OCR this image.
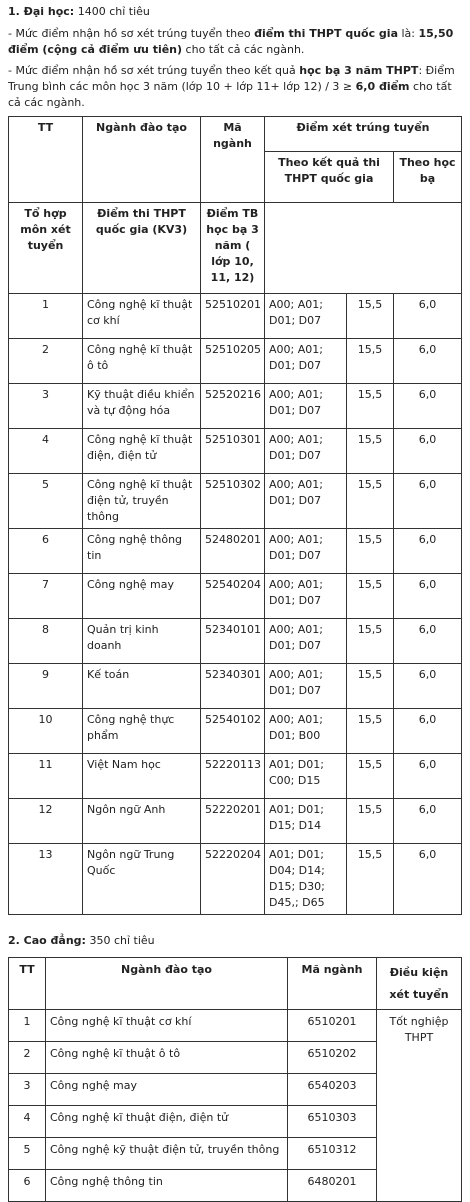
1. Đại học: 1400 chỉ tiêu

- Mức điểm nhận hồ sơ xét trúng tuyển theo điểm thi THPT quốc gia là: 15,50 điểm (cộng cả điểm ưu tiên) cho tất cả các ngành.

- Mức điểm nhận hồ sơ xét trúng tuyển theo kết quả học bạ 3 năm THPT: Điểm Trung bình các môn học 3 năm (lớp 10 + lớp 11+ lớp 12) / 3 ≥ 6,0 điểm cho tất cả các ngành.

TT	Ngành đào tạo	Mã ngành	Điểm xét trúng tuyển		
			Theo kết quả thi THPT quốc gia		Theo học bạ
Tổ hợp môn xét tuyển	Điểm thi THPT quốc gia (KV3)	Điểm TB học bạ 3 năm ( lớp 10, 11, 12)			
1	Công nghệ kĩ thuật cơ khí	52510201	A00; A01; D01; D07	15,5	6,0
2	Công nghệ kĩ thuật ô tô	52510205	A00; A01; D01; D07	15,5	6,0
3	Kỹ thuật điều khiển và tự động hóa	52520216	A00; A01; D01; D07	15,5	6,0
4	Công nghệ kĩ thuật điện, điện tử	52510301	A00; A01; D01; D07	15,5	6,0
5	Công nghệ kĩ thuật điện tử, truyền thông	52510302	A00; A01; D01; D07	15,5	6,0
6	Công nghệ thông tin	52480201	A00; A01; D01; D07	15,5	6,0
7	Công nghệ may	52540204	A00; A01; D01; D07	15,5	6,0
8	Quản trị kinh doanh	52340101	A00; A01; D01; D07	15,5	6,0
9	Kế toán	52340301	A00; A01; D01; D07	15,5	6,0
10	Công nghệ thực phẩm	52540102	A00; A01; D01; B00	15,5	6,0
11	Việt Nam học	52220113	A01; D01; C00; D15	15,5	6,0
12	Ngôn ngữ Anh	52220201	A01; D01; D15; D14	15,5	6,0
13	Ngôn ngữ Trung Quốc	52220204	A01; D01; D04; D14; D15; D30; D45,; D65	15,5	6,0

2. Cao đẳng: 350 chỉ tiêu

TT	Ngành đào tạo	Mã ngành	Điều kiện xét tuyển
1	Công nghệ kĩ thuật cơ khí	6510201	Tốt nghiệp THPT
2	Công nghệ kĩ thuật ô tô	6510202	
3	Công nghệ may	6540203	
4	Công nghệ kĩ thuật điện, điện tử	6510303	
5	Công nghệ kỹ thuật điện tử, truyền thông	6510312	
6	Công nghệ thông tin	6480201	
